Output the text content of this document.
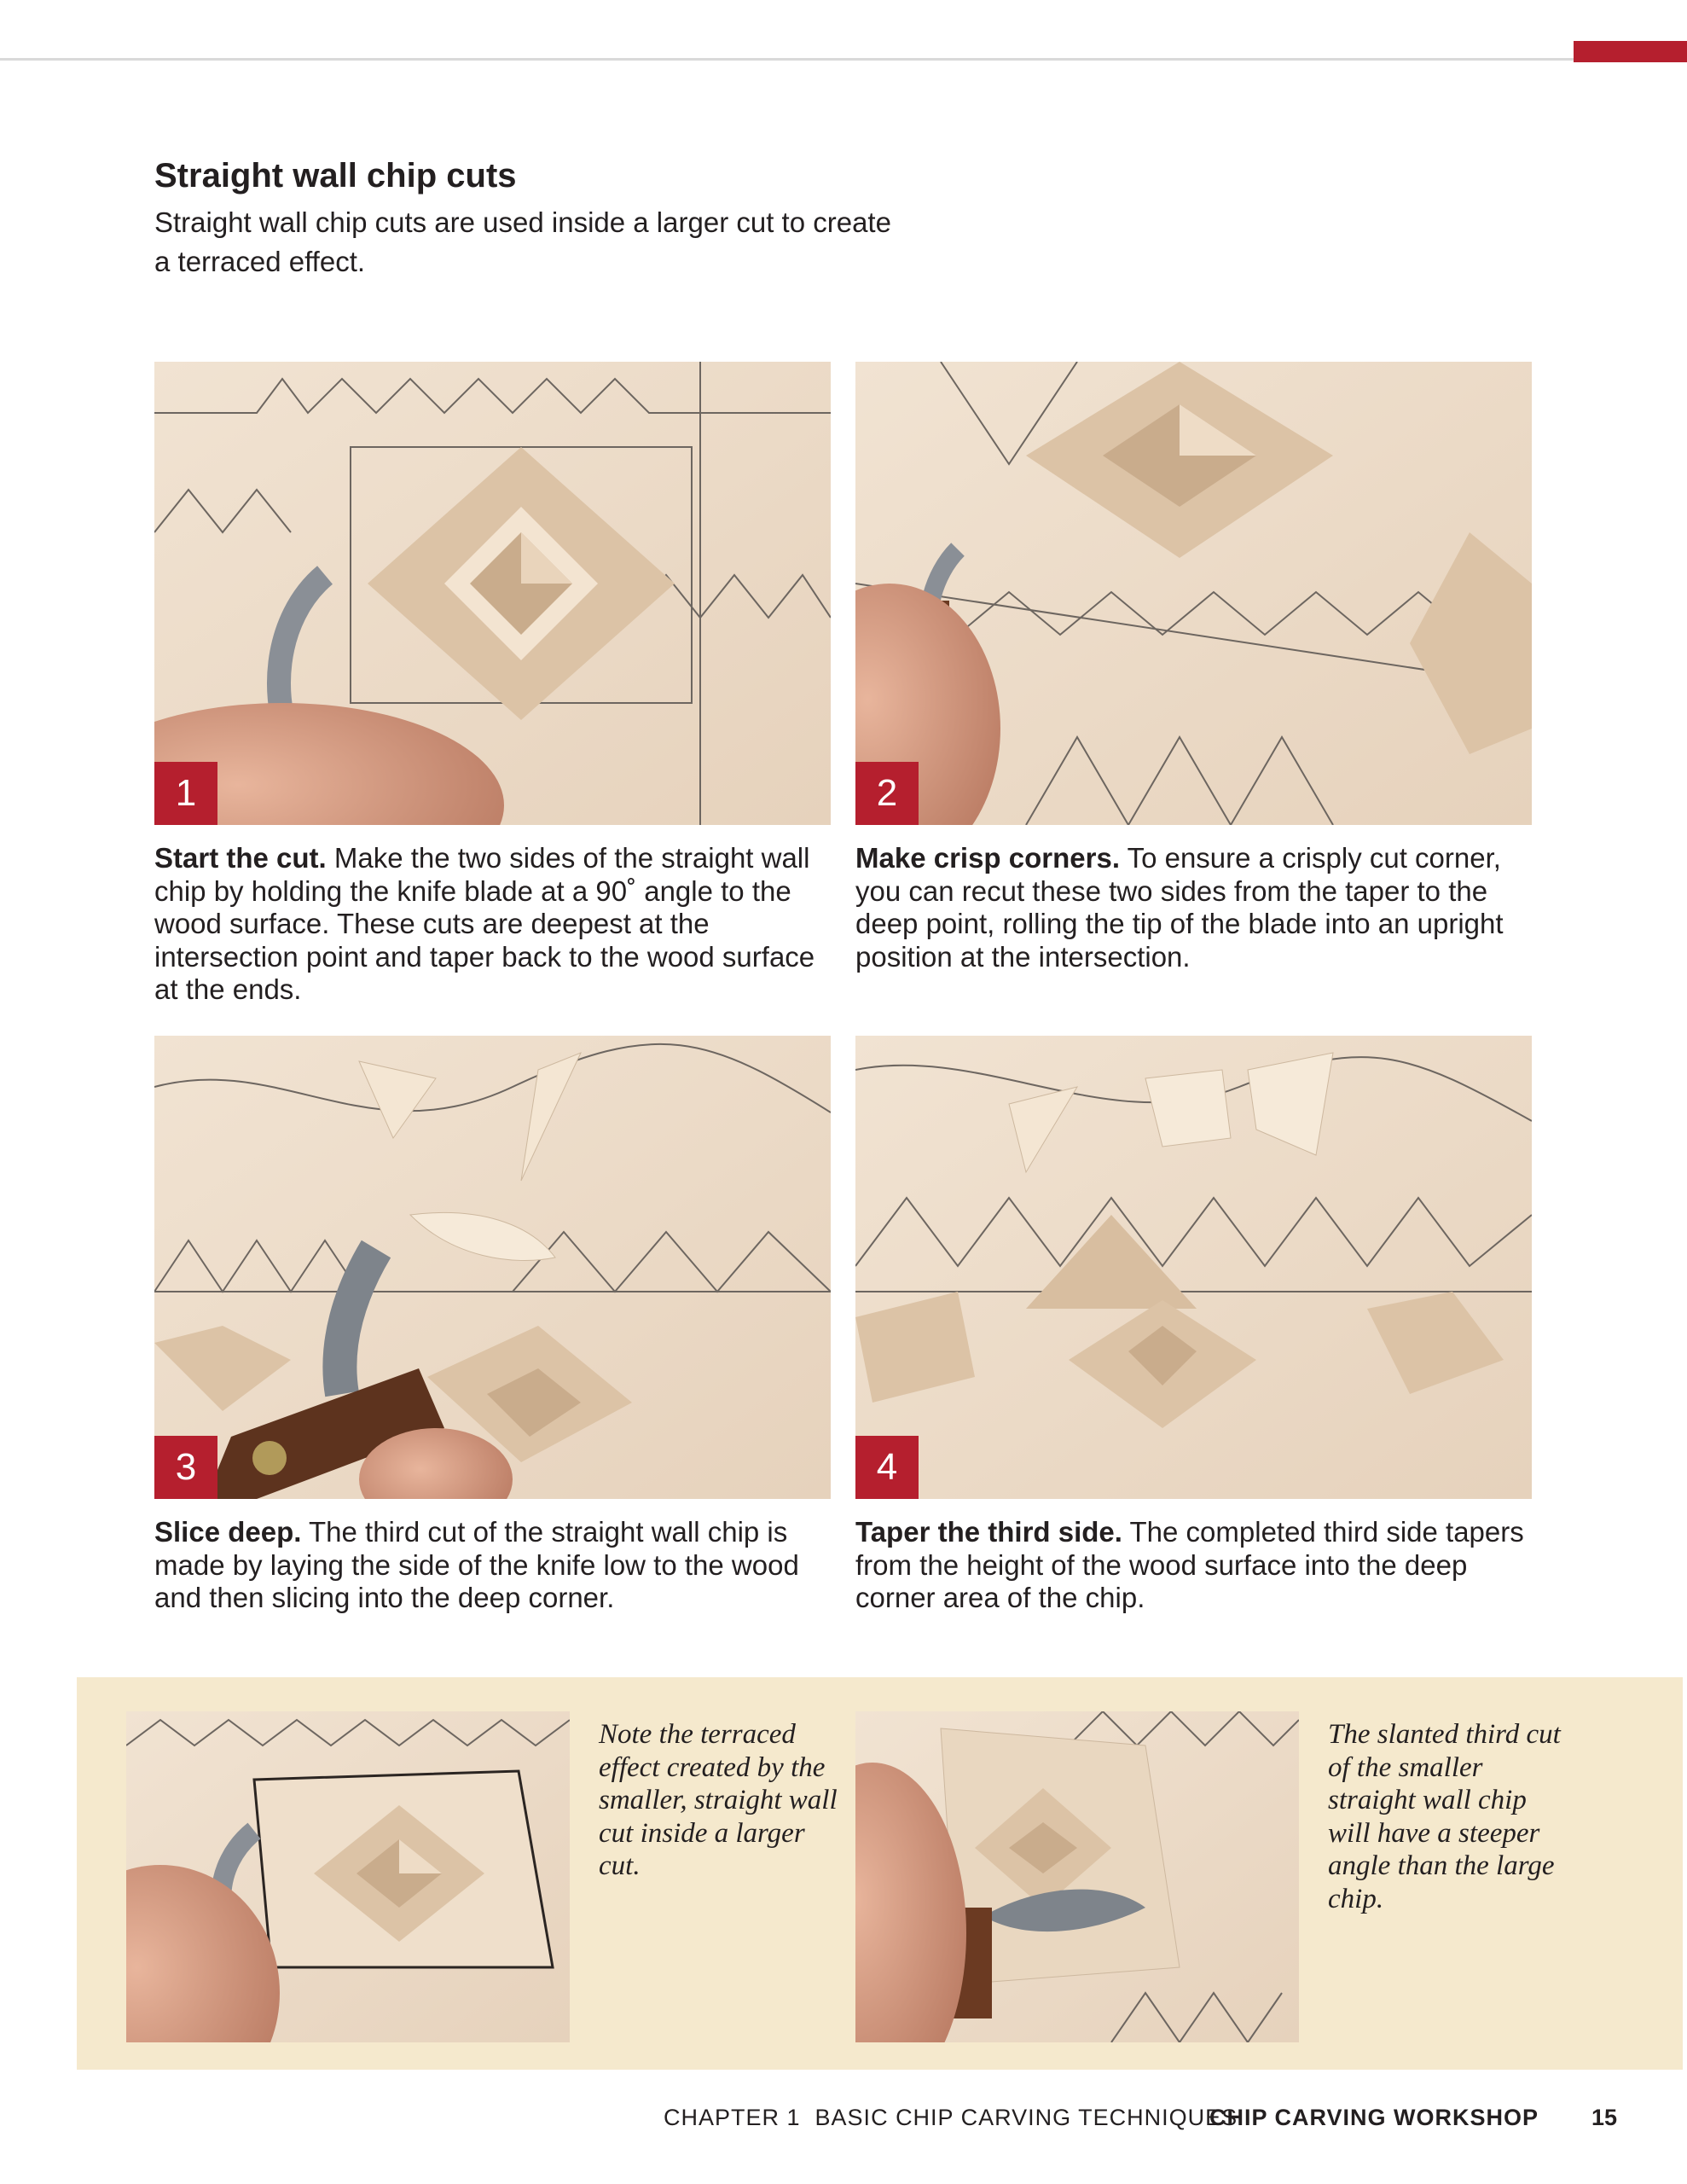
Straight wall chip cuts

Straight wall chip cuts are used inside a larger cut to create a terraced effect.

1	2

Start the cut. Make the two sides of the straight wall chip by holding the knife blade at a 90˚ angle to the wood surface. These cuts are deepest at the intersection point and taper back to the wood surface at the ends.

Make crisp corners. To ensure a crisply cut corner, you can recut these two sides from the taper to the deep point, rolling the tip of the blade into an upright position at the intersection.

3	4

Slice deep. The third cut of the straight wall chip is made by laying the side of the knife low to the wood and then slicing into the deep corner.

Taper the third side. The completed third side tapers from the height of the wood surface into the deep corner area of the chip.

Note the terraced effect created by the smaller, straight wall cut inside a larger cut.

The slanted third cut of the smaller straight wall chip will have a steeper angle than the large chip.

CHAPTER 1  BASIC CHIP CARVING TECHNIQUES
CHIP CARVING WORKSHOP 15
